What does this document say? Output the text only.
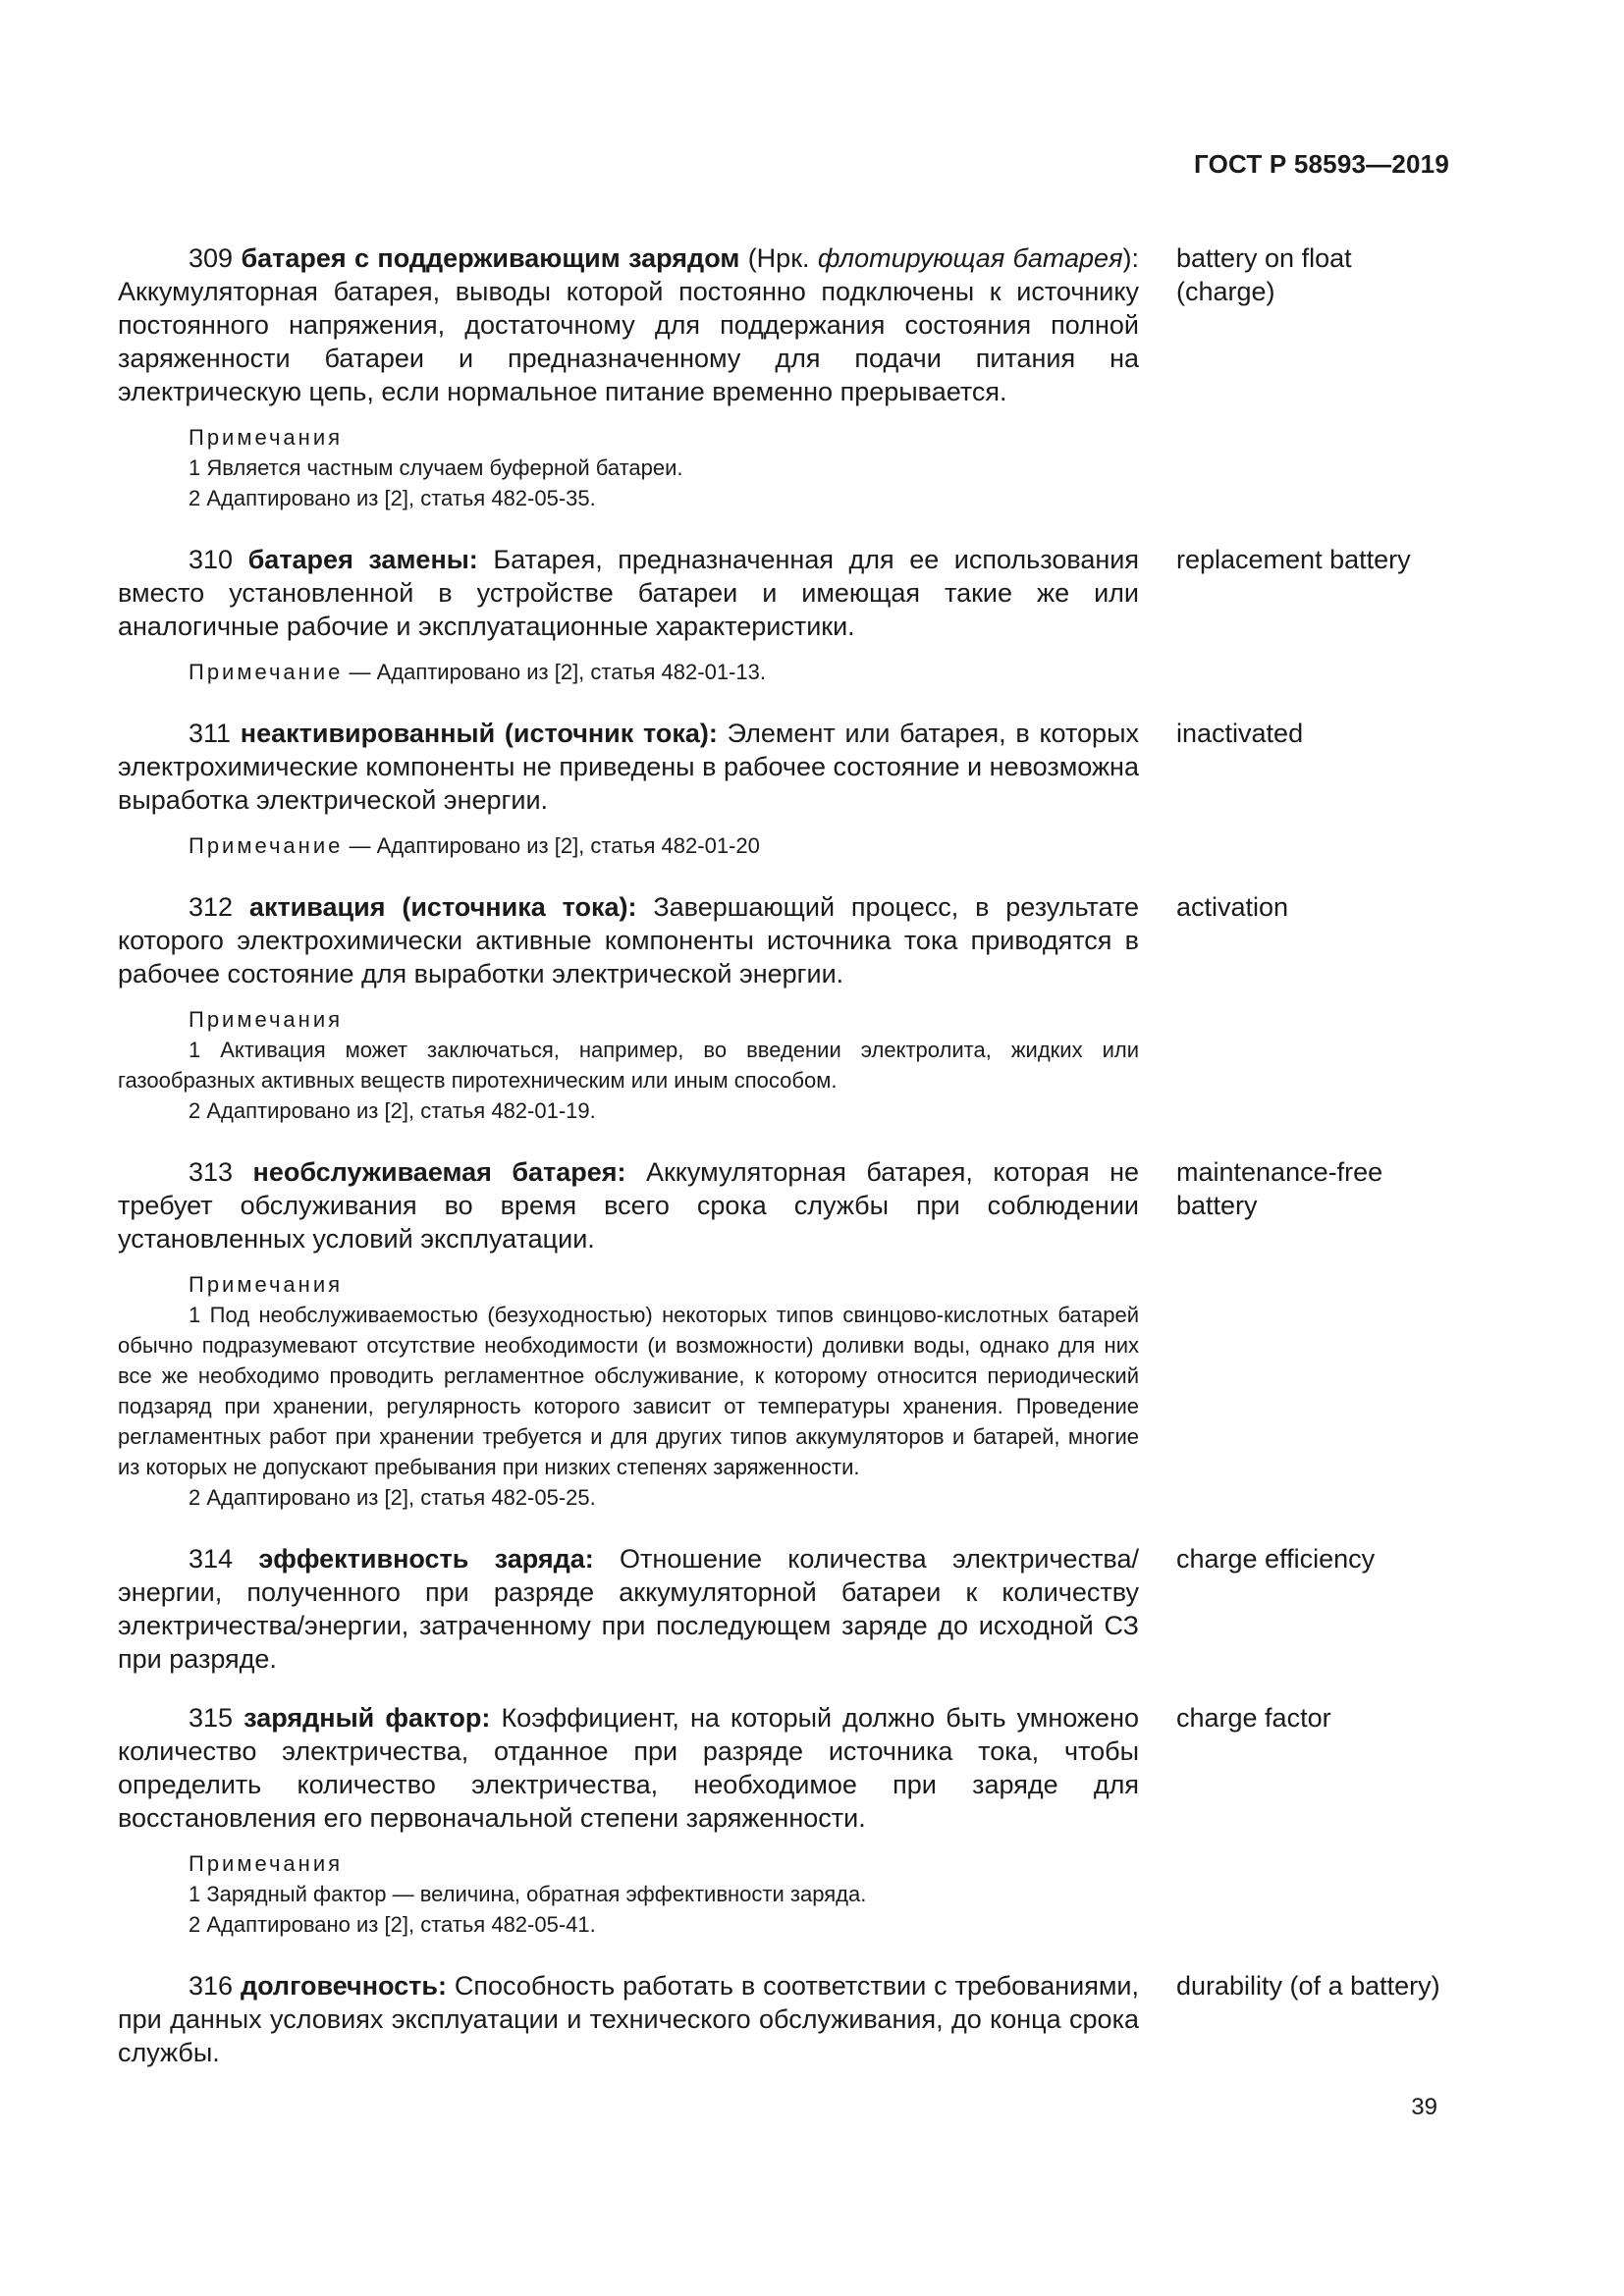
ГОСТ Р 58593—2019

309 батарея с поддерживающим зарядом (Нрк. флотирующая батарея): Аккумуляторная батарея, выводы которой постоянно подключены к источнику постоянного напряжения, достаточному для поддержания состояния полной заряженности батареи и предназначенному для подачи питания на электрическую цепь, если нормальное питание временно прерывается.

Примечания
1 Является частным случаем буферной батареи.
2 Адаптировано из [2], статья 482-05-35.
battery on float (charge)

310 батарея замены: Батарея, предназначенная для ее использования вместо установленной в устройстве батареи и имеющая такие же или аналогичные рабочие и эксплуатационные характеристики.

Примечание — Адаптировано из [2], статья 482-01-13.
replacement battery

311 неактивированный (источник тока): Элемент или батарея, в которых электрохимические компоненты не приведены в рабочее состояние и невозможна выработка электрической энергии.

Примечание — Адаптировано из [2], статья 482-01-20
inactivated

312 активация (источника тока): Завершающий процесс, в результате которого электрохимически активные компоненты источника тока приводятся в рабочее состояние для выработки электрической энергии.

Примечания
1 Активация может заключаться, например, во введении электролита, жидких или газообразных активных веществ пиротехническим или иным способом.
2 Адаптировано из [2], статья 482-01-19.
activation

313 необслуживаемая батарея: Аккумуляторная батарея, которая не требует обслуживания во время всего срока службы при соблюдении установленных условий эксплуатации.

Примечания
1 Под необслуживаемостью (безуходностью) некоторых типов свинцово-кислотных батарей обычно подразумевают отсутствие необходимости (и возможности) доливки воды, однако для них все же необходимо проводить регламентное обслуживание, к которому относится периодический подзаряд при хранении, регулярность которого зависит от температуры хранения. Проведение регламентных работ при хранении требуется и для других типов аккумуляторов и батарей, многие из которых не допускают пребывания при низких степенях заряженности.
2 Адаптировано из [2], статья 482-05-25.
maintenance-free battery

314 эффективность заряда: Отношение количества электричества/энергии, полученного при разряде аккумуляторной батареи к количеству электричества/энергии, затраченному при последующем заряде до исходной СЗ при разряде.

charge efficiency

315 зарядный фактор: Коэффициент, на который должно быть умножено количество электричества, отданное при разряде источника тока, чтобы определить количество электричества, необходимое при заряде для восстановления его первоначальной степени заряженности.

Примечания
1 Зарядный фактор — величина, обратная эффективности заряда.
2 Адаптировано из [2], статья 482-05-41.
charge factor

316 долговечность: Способность работать в соответствии с требованиями, при данных условиях эксплуатации и технического обслуживания, до конца срока службы.

durability (of a battery)
39
